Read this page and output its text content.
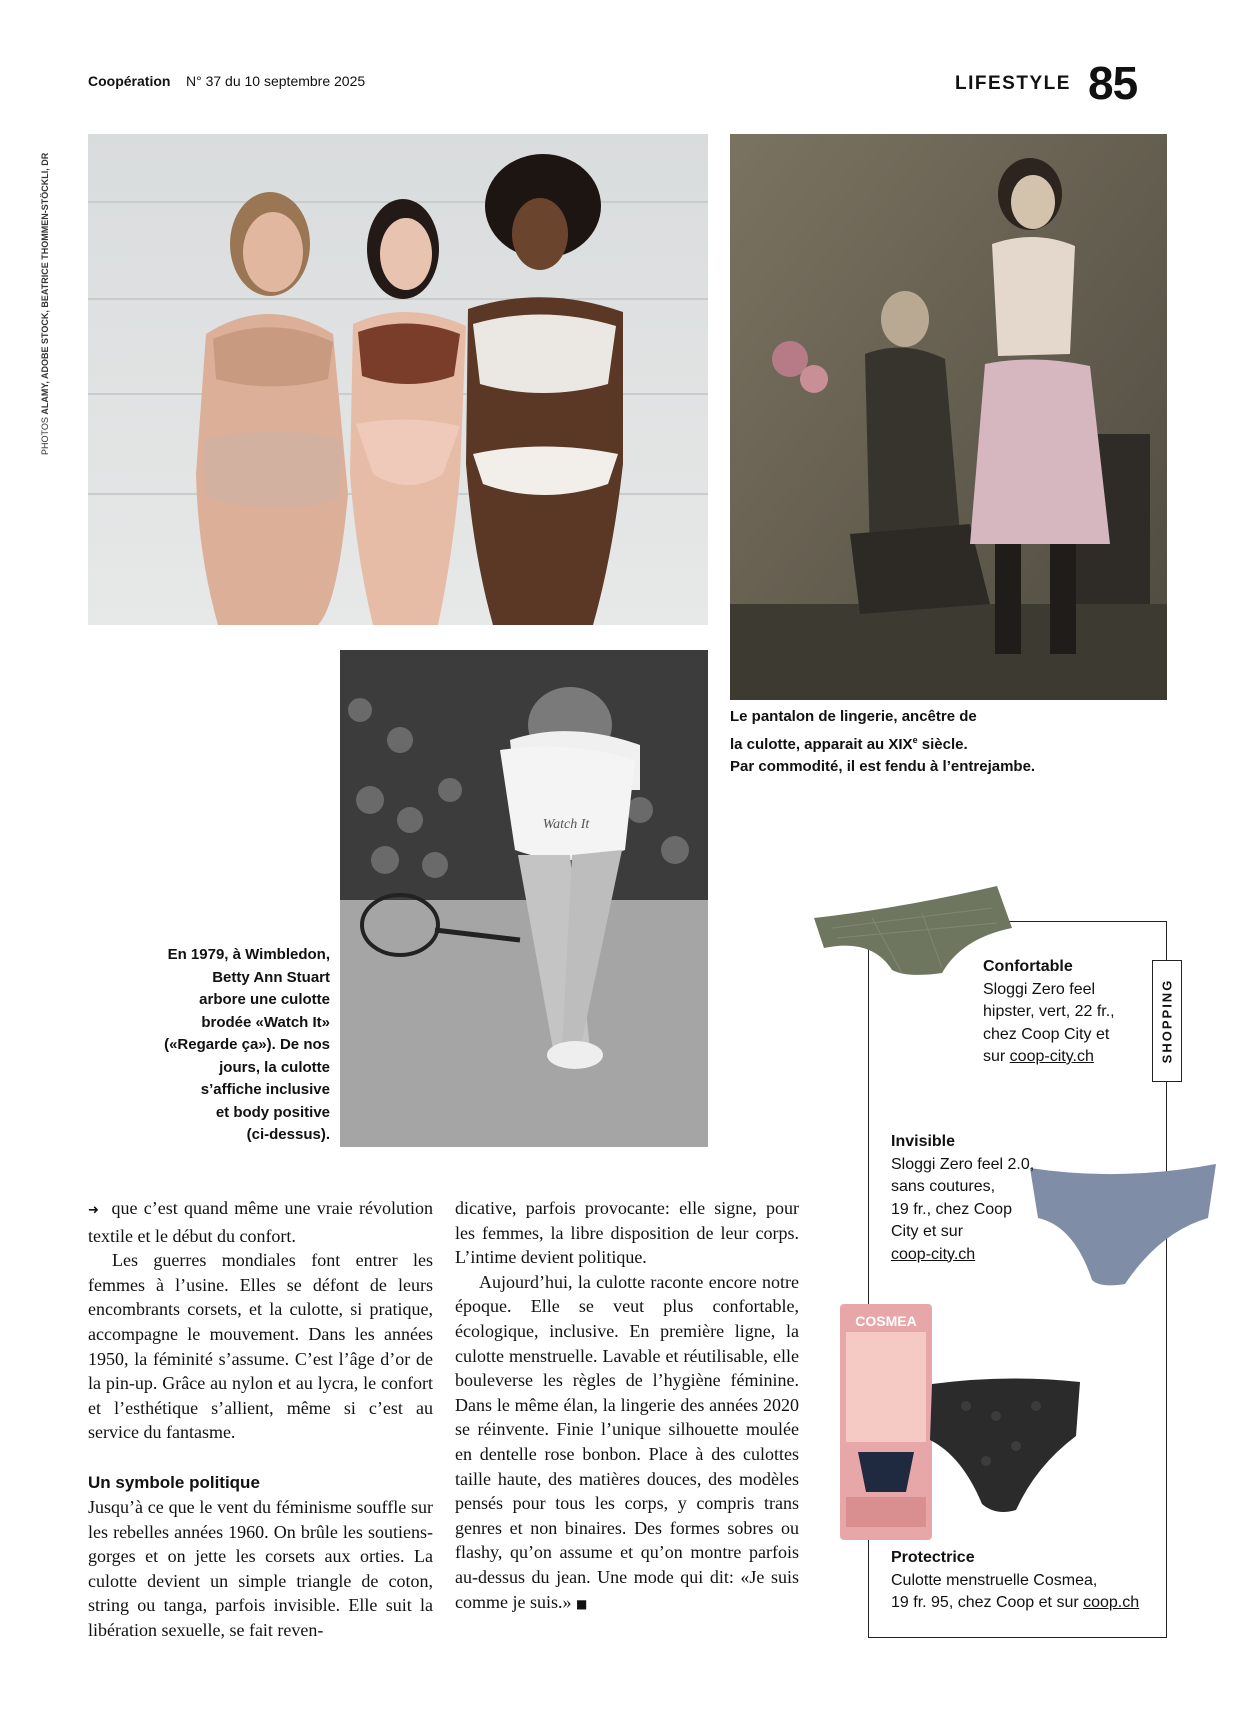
Coopération N° 37 du 10 septembre 2025	LIFESTYLE 85
PHOTOS ALAMY, ADOBE STOCK, BEATRICE THOMMEN-STÖCKLI, DR
Watch It
Le pantalon de lingerie, ancêtre de
la culotte, apparait au XIXe siècle.
Par commodité, il est fendu à l’entrejambe.
En 1979, à Wimbledon,
Betty Ann Stuart
arbore une culotte
brodée «Watch It»
(«Regarde ça»). De nos
jours, la culotte
s’affiche inclusive
et body positive
(ci-dessus).

➜ que c’est quand même une vraie révolution textile et le début du confort.

Les guerres mondiales font entrer les femmes à l’usine. Elles se défont de leurs encombrants corsets, et la culotte, si pratique, accompagne le mouvement. Dans les années 1950, la féminité s’assume. C’est l’âge d’or de la pin-up. Grâce au nylon et au lycra, le confort et l’esthétique s’allient, même si c’est au service du fantasme.

Un symbole politique

Jusqu’à ce que le vent du féminisme souffle sur les rebelles années 1960. On brûle les soutiens-gorges et on jette les corsets aux orties. La culotte devient un simple triangle de coton, string ou tanga, parfois invisible. Elle suit la libération sexuelle, se fait reven-

dicative, parfois provocante: elle signe, pour les femmes, la libre disposition de leur corps. L’intime devient politique.

Aujourd’hui, la culotte raconte encore notre époque. Elle se veut plus confortable, écologique, inclusive. En première ligne, la culotte menstruelle. Lavable et réutilisable, elle bouleverse les règles de l’hygiène féminine. Dans le même élan, la lingerie des années 2020 se réinvente. Finie l’unique silhouette moulée en dentelle rose bonbon. Place à des culottes taille haute, des matières douces, des modèles pensés pour tous les corps, y compris trans genres et non binaires. Des formes sobres ou flashy, qu’on assume et qu’on montre parfois au-dessus du jean. Une mode qui dit: «Je suis comme je suis.» ■

SHOPPING
COSMEA
Confortable
Sloggi Zero feel
hipster, vert, 22 fr.,
chez Coop City et
sur coop-city.ch
Invisible
Sloggi Zero feel 2.0,
sans coutures,
19 fr., chez Coop
City et sur
coop-city.ch
Protectrice
Culotte menstruelle Cosmea,
19 fr. 95, chez Coop et sur coop.ch
